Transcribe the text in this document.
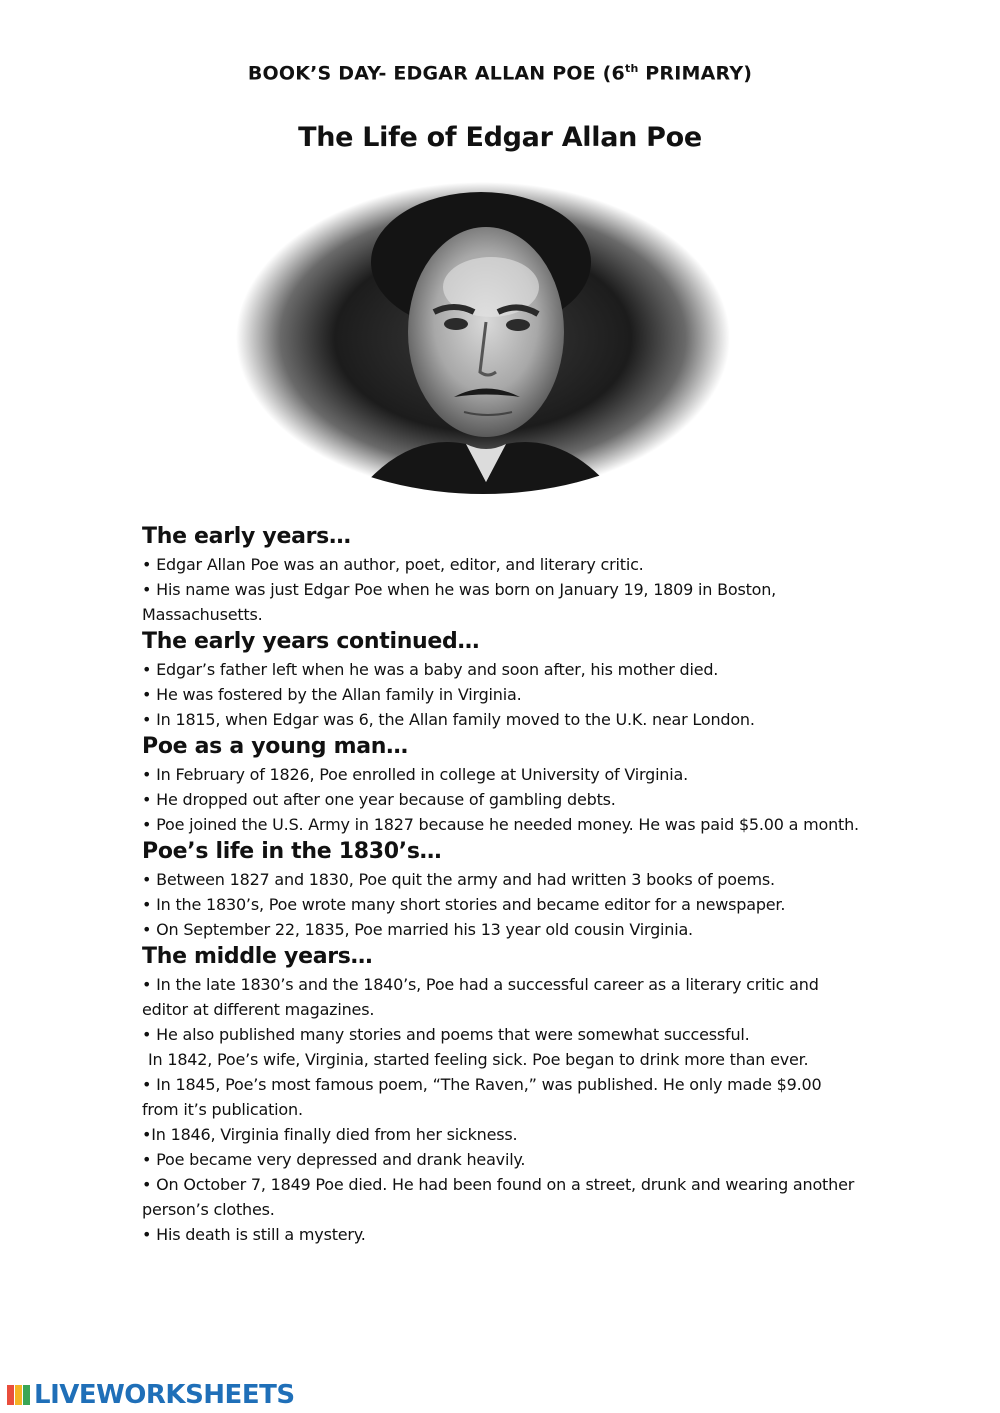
BOOK’S DAY- EDGAR ALLAN POE (6th PRIMARY)
The Life of Edgar Allan Poe
The early years…

• Edgar Allan Poe was an author, poet, editor, and literary critic.

• His name was just Edgar Poe when he was born on January 19, 1809 in Boston, Massachusetts.

The early years continued…

• Edgar’s father left when he was a baby and soon after, his mother died.

• He was fostered by the Allan family in Virginia.

• In 1815, when Edgar was 6, the Allan family moved to the U.K. near London.

Poe as a young man…

• In February of 1826, Poe enrolled in college at University of Virginia.

• He dropped out after one year because of gambling debts.

• Poe joined the U.S. Army in 1827 because he needed money. He was paid $5.00 a month.

Poe’s life in the 1830’s…

• Between 1827 and 1830, Poe quit the army and had written 3 books of poems.

• In the 1830’s, Poe wrote many short stories and became editor for a newspaper.

• On September 22, 1835, Poe married his 13 year old cousin Virginia.

The middle years…

• In the late 1830’s and the 1840’s, Poe had a successful career as a literary critic and editor at different magazines.

• He also published many stories and poems that were somewhat successful.

In 1842, Poe’s wife, Virginia, started feeling sick. Poe began to drink more than ever.

• In 1845, Poe’s most famous poem, “The Raven,” was published. He only made $9.00 from it’s publication.

•In 1846, Virginia finally died from her sickness.

• Poe became very depressed and drank heavily.

• On October 7, 1849 Poe died. He had been found on a street, drunk and wearing another person’s clothes.

• His death is still a mystery.

LIVEWORKSHEETS
